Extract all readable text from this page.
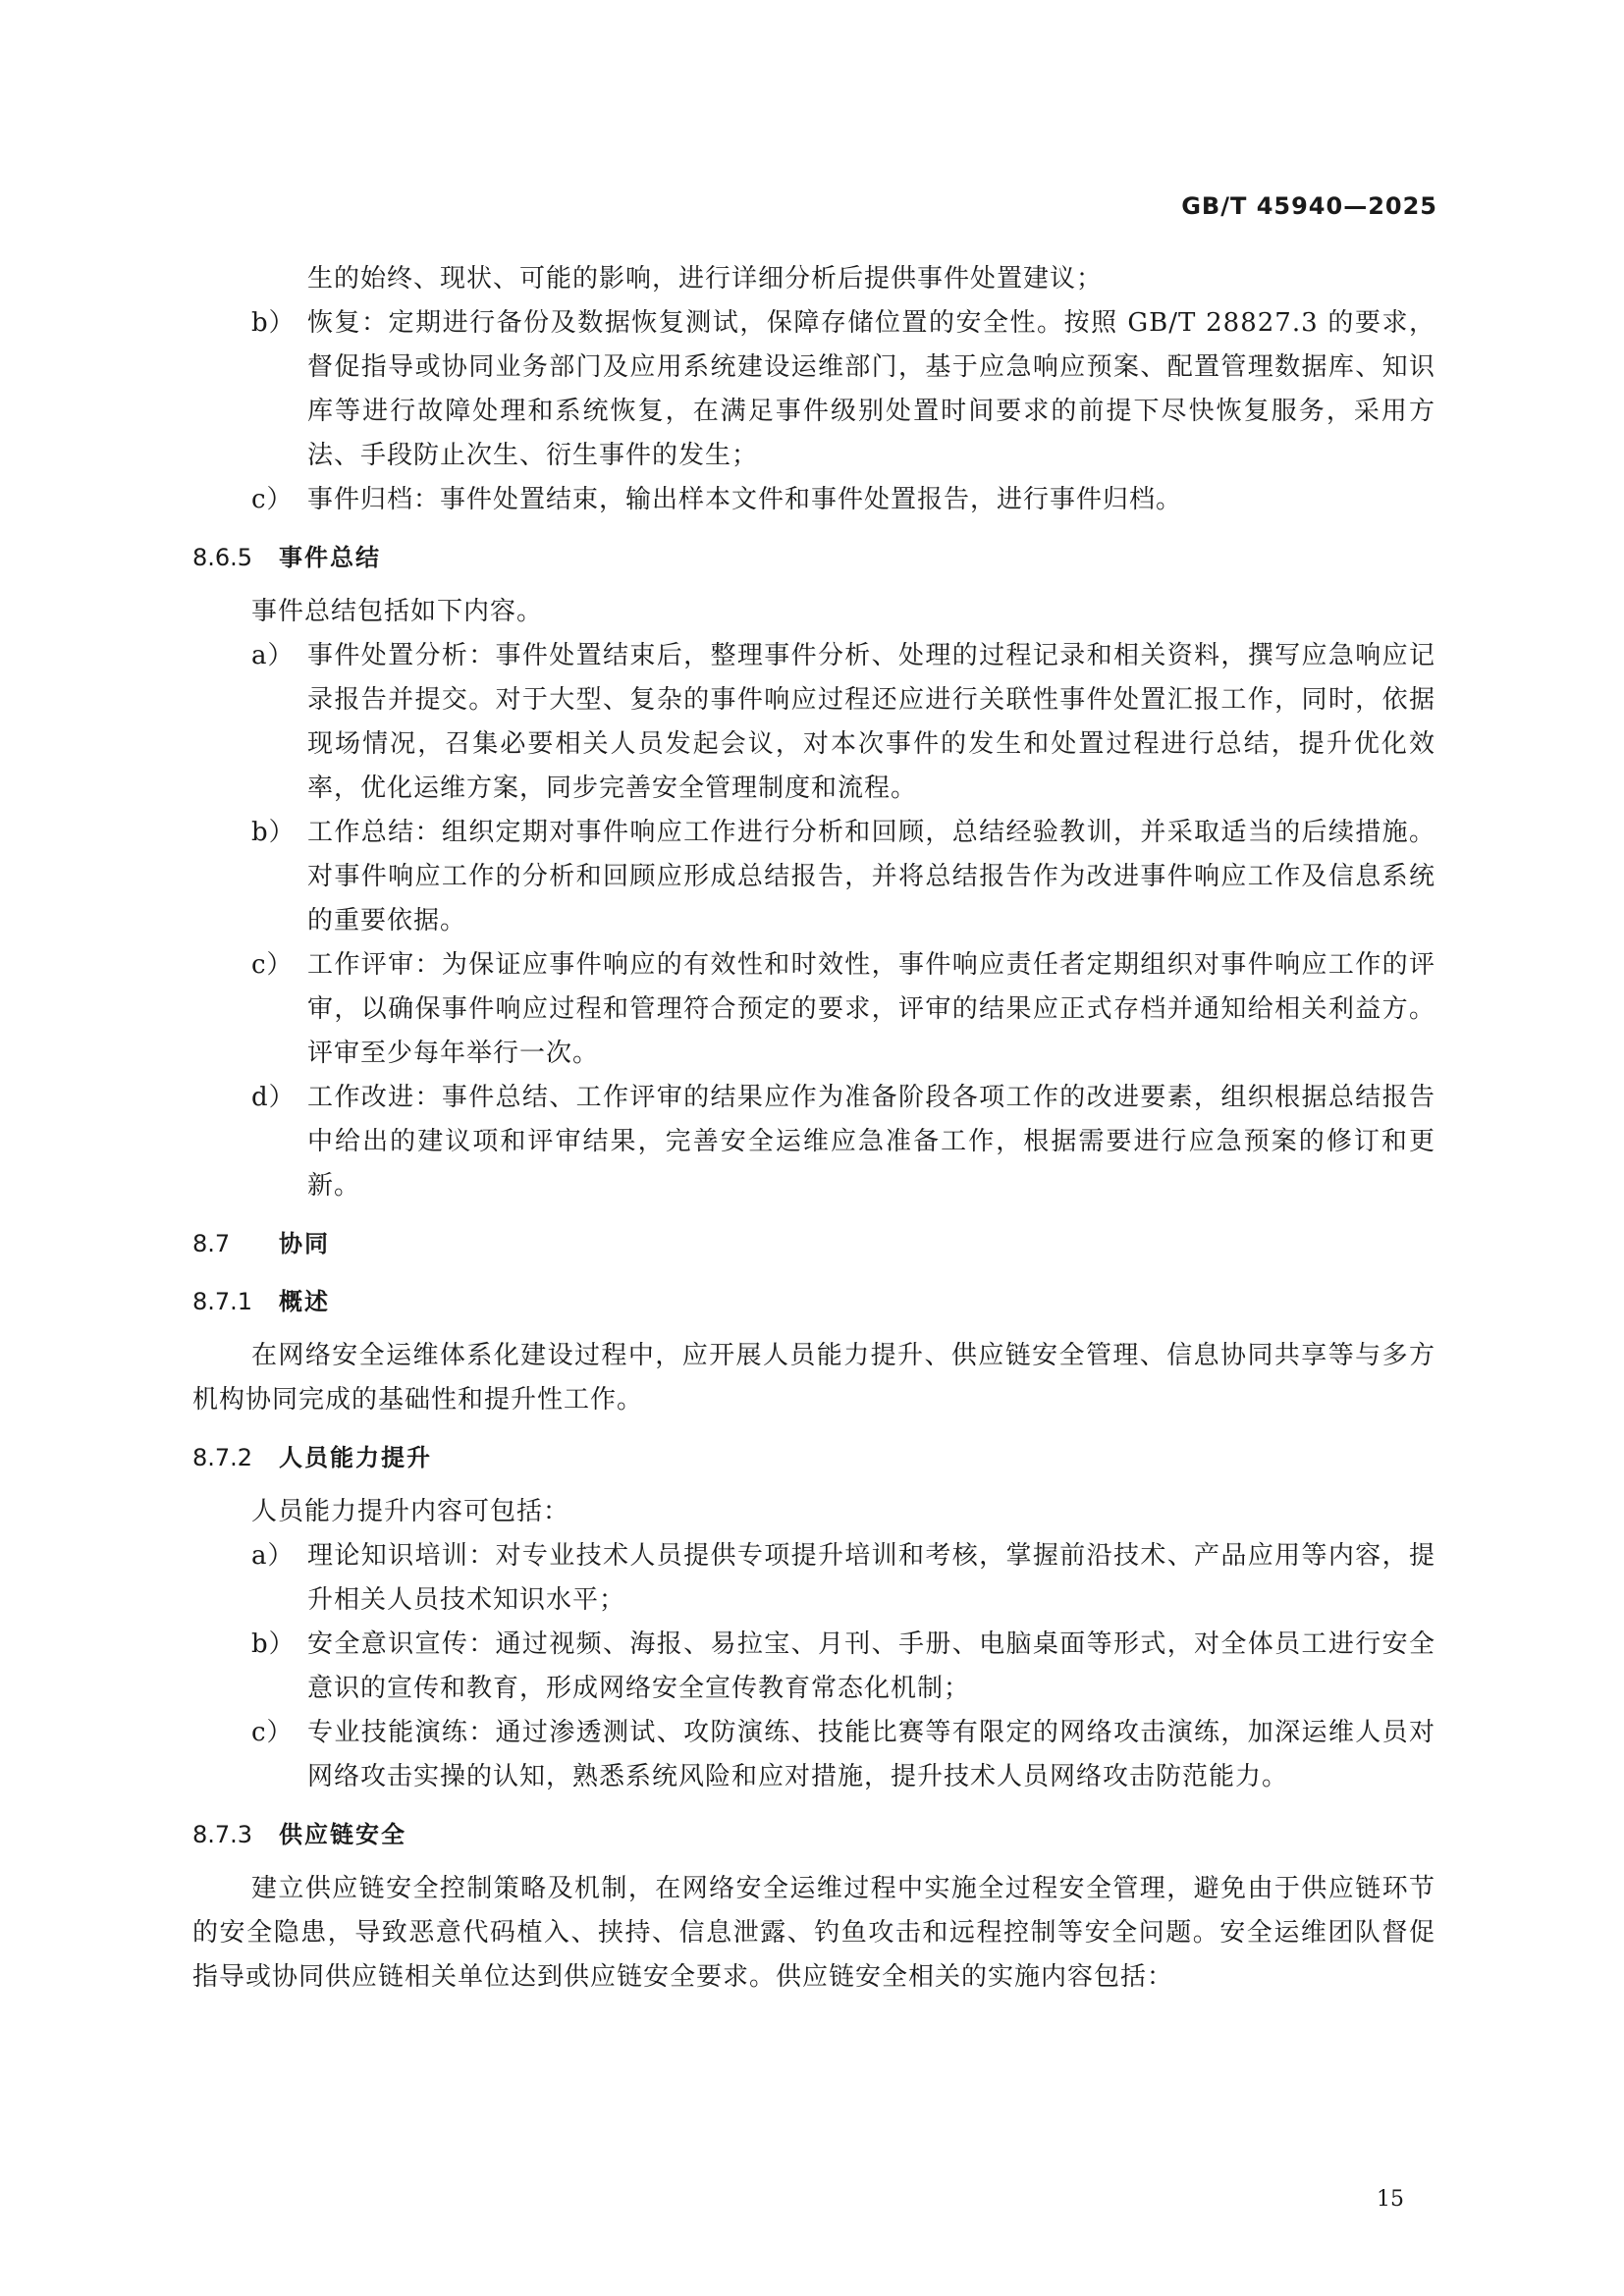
GB/T 45940—2025

生的始终、现状、可能的影响，进行详细分析后提供事件处置建议；

b） 恢复：定期进行备份及数据恢复测试，保障存储位置的安全性。按照 GB/T 28827.3 的要求，督促指导或协同业务部门及应用系统建设运维部门，基于应急响应预案、配置管理数据库、知识库等进行故障处理和系统恢复，在满足事件级别处置时间要求的前提下尽快恢复服务，采用方法、手段防止次生、衍生事件的发生；

c） 事件归档：事件处置结束，输出样本文件和事件处置报告，进行事件归档。

8.6.5 事件总结

事件总结包括如下内容。

a） 事件处置分析：事件处置结束后，整理事件分析、处理的过程记录和相关资料，撰写应急响应记录报告并提交。对于大型、复杂的事件响应过程还应进行关联性事件处置汇报工作，同时，依据现场情况，召集必要相关人员发起会议，对本次事件的发生和处置过程进行总结，提升优化效率，优化运维方案，同步完善安全管理制度和流程。

b） 工作总结：组织定期对事件响应工作进行分析和回顾，总结经验教训，并采取适当的后续措施。对事件响应工作的分析和回顾应形成总结报告，并将总结报告作为改进事件响应工作及信息系统的重要依据。

c） 工作评审：为保证应事件响应的有效性和时效性，事件响应责任者定期组织对事件响应工作的评审，以确保事件响应过程和管理符合预定的要求，评审的结果应正式存档并通知给相关利益方。评审至少每年举行一次。

d） 工作改进：事件总结、工作评审的结果应作为准备阶段各项工作的改进要素，组织根据总结报告中给出的建议项和评审结果，完善安全运维应急准备工作，根据需要进行应急预案的修订和更新。

8.7 协同
8.7.1 概述

在网络安全运维体系化建设过程中，应开展人员能力提升、供应链安全管理、信息协同共享等与多方机构协同完成的基础性和提升性工作。

8.7.2 人员能力提升

人员能力提升内容可包括：

a） 理论知识培训：对专业技术人员提供专项提升培训和考核，掌握前沿技术、产品应用等内容，提升相关人员技术知识水平；

b） 安全意识宣传：通过视频、海报、易拉宝、月刊、手册、电脑桌面等形式，对全体员工进行安全意识的宣传和教育，形成网络安全宣传教育常态化机制；

c） 专业技能演练：通过渗透测试、攻防演练、技能比赛等有限定的网络攻击演练，加深运维人员对网络攻击实操的认知，熟悉系统风险和应对措施，提升技术人员网络攻击防范能力。

8.7.3 供应链安全

建立供应链安全控制策略及机制，在网络安全运维过程中实施全过程安全管理，避免由于供应链环节的安全隐患，导致恶意代码植入、挟持、信息泄露、钓鱼攻击和远程控制等安全问题。安全运维团队督促指导或协同供应链相关单位达到供应链安全要求。供应链安全相关的实施内容包括：

15
